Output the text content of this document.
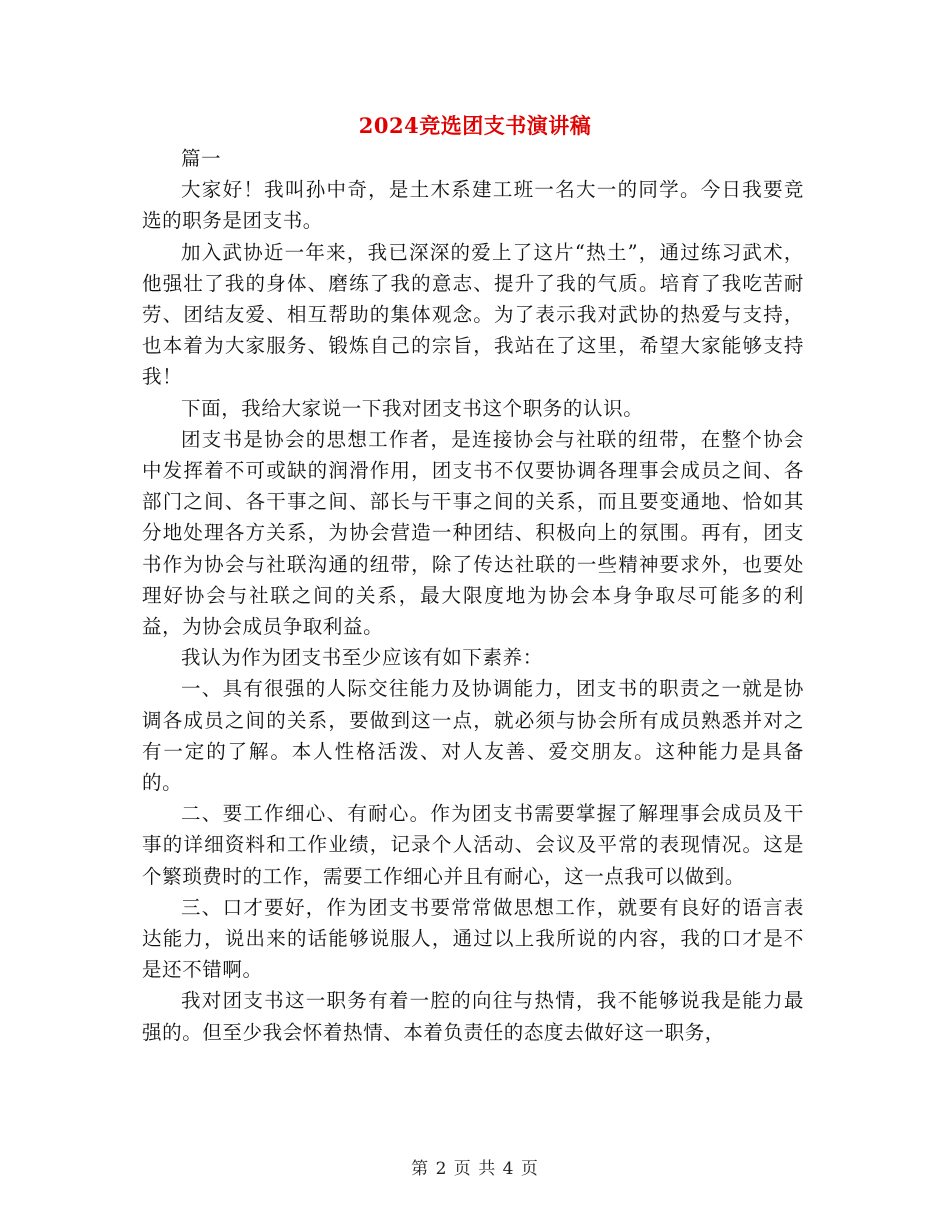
2024竞选团支书演讲稿

篇一

大家好！我叫孙中奇，是土木系建工班一名大一的同学。今日我要竞选的职务是团支书。

加入武协近一年来，我已深深的爱上了这片“热土”，通过练习武术，他强壮了我的身体、磨练了我的意志、提升了我的气质。培育了我吃苦耐劳、团结友爱、相互帮助的集体观念。为了表示我对武协的热爱与支持，也本着为大家服务、锻炼自己的宗旨，我站在了这里，希望大家能够支持我！

下面，我给大家说一下我对团支书这个职务的认识。

团支书是协会的思想工作者，是连接协会与社联的纽带，在整个协会中发挥着不可或缺的润滑作用，团支书不仅要协调各理事会成员之间、各部门之间、各干事之间、部长与干事之间的关系，而且要变通地、恰如其分地处理各方关系，为协会营造一种团结、积极向上的氛围。再有，团支书作为协会与社联沟通的纽带，除了传达社联的一些精神要求外，也要处理好协会与社联之间的关系，最大限度地为协会本身争取尽可能多的利益，为协会成员争取利益。

我认为作为团支书至少应该有如下素养：

一、具有很强的人际交往能力及协调能力，团支书的职责之一就是协调各成员之间的关系，要做到这一点，就必须与协会所有成员熟悉并对之有一定的了解。本人性格活泼、对人友善、爱交朋友。这种能力是具备的。

二、要工作细心、有耐心。作为团支书需要掌握了解理事会成员及干事的详细资料和工作业绩，记录个人活动、会议及平常的表现情况。这是个繁琐费时的工作，需要工作细心并且有耐心，这一点我可以做到。

三、口才要好，作为团支书要常常做思想工作，就要有良好的语言表达能力，说出来的话能够说服人，通过以上我所说的内容，我的口才是不是还不错啊。

我对团支书这一职务有着一腔的向往与热情，我不能够说我是能力最强的。但至少我会怀着热情、本着负责任的态度去做好这一职务，

第 2 页 共 4 页
